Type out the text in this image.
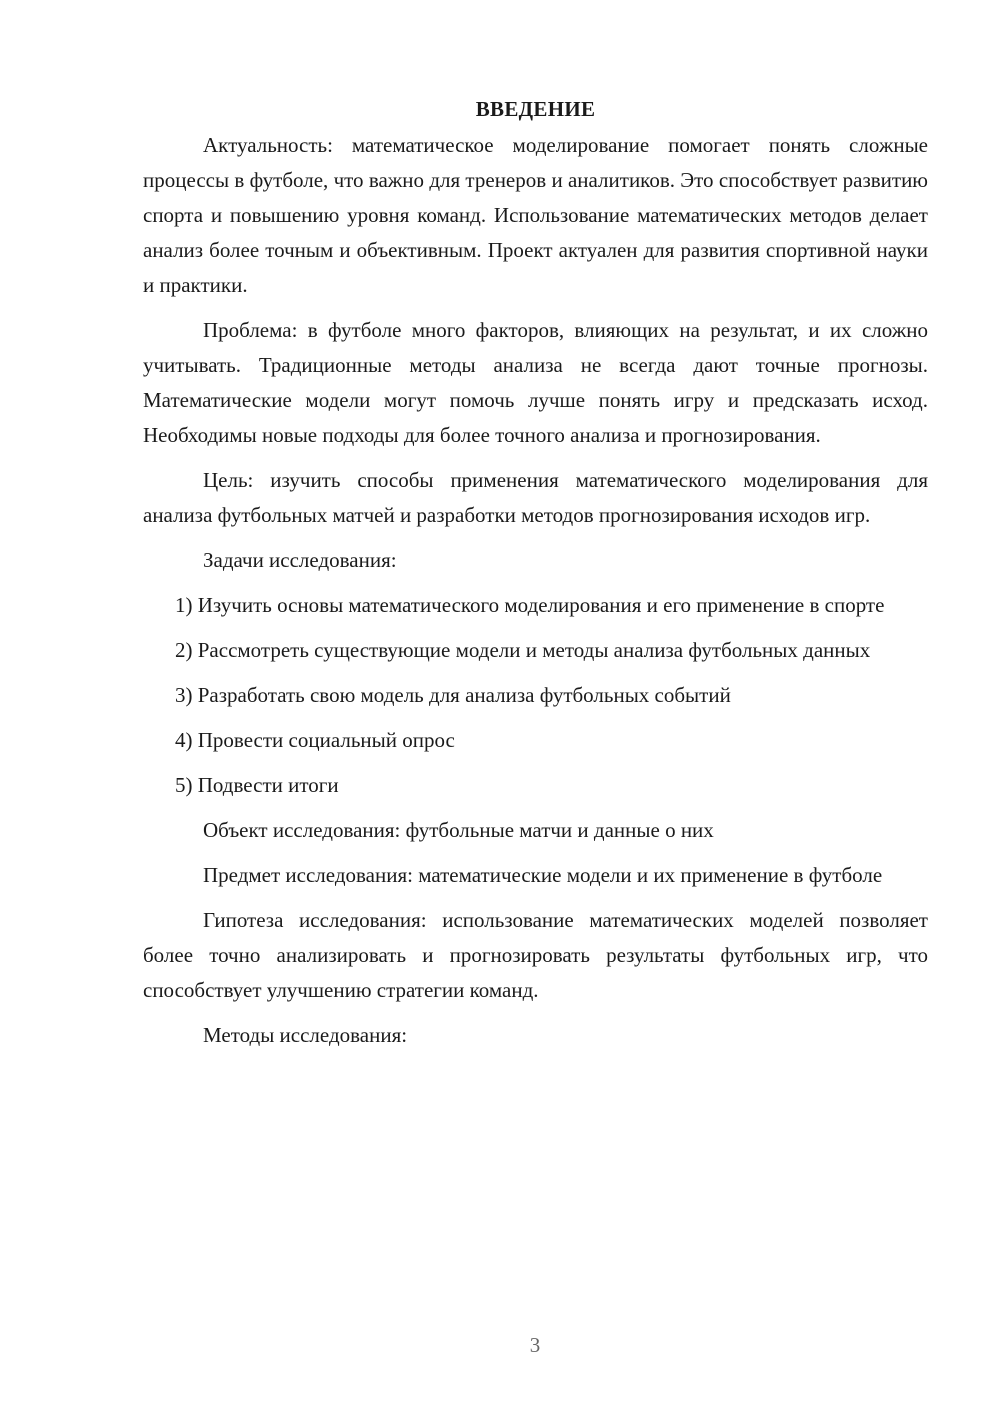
ВВЕДЕНИЕ

Актуальность: математическое моделирование помогает понять сложные процессы в футболе, что важно для тренеров и аналитиков. Это способствует развитию спорта и повышению уровня команд. Использование математических методов делает анализ более точным и объективным. Проект актуален для развития спортивной науки и практики.

Проблема: в футболе много факторов, влияющих на результат, и их сложно учитывать. Традиционные методы анализа не всегда дают точные прогнозы. Математические модели могут помочь лучше понять игру и предсказать исход. Необходимы новые подходы для более точного анализа и прогнозирования.

Цель: изучить способы применения математического моделирования для анализа футбольных матчей и разработки методов прогнозирования исходов игр.

Задачи исследования:

1) Изучить основы математического моделирования и его применение в спорте

2) Рассмотреть существующие модели и методы анализа футбольных данных

3) Разработать свою модель для анализа футбольных событий

4) Провести социальный опрос

5) Подвести итоги

Объект исследования: футбольные матчи и данные о них

Предмет исследования: математические модели и их применение в футболе

Гипотеза исследования: использование математических моделей позволяет более точно анализировать и прогнозировать результаты футбольных игр, что способствует улучшению стратегии команд.

Методы исследования:

3
